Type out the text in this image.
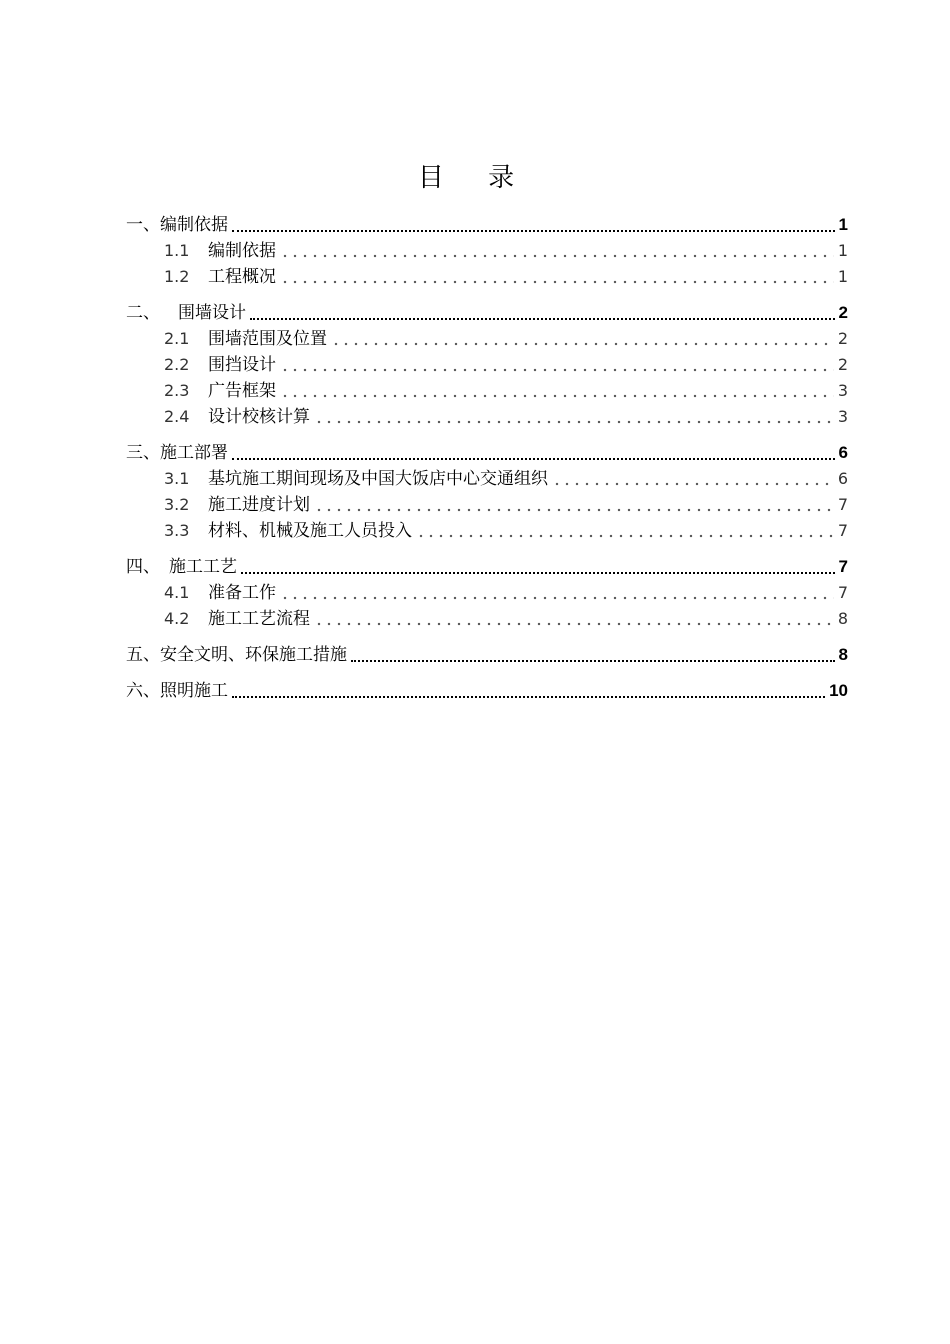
目 录
一、 编制依据	1
1.1	编制依据	1
1.2	工程概况	1
二、 围墙设计	2
2.1	围墙范围及位置	2
2.2	围挡设计	2
2.3	广告框架	3
2.4	设计校核计算	3
三、 施工部署	6
3.1	基坑施工期间现场及中国大饭店中心交通组织	6
3.2	施工进度计划	7
3.3	材料、机械及施工人员投入	7
四、 施工工艺	7
4.1	准备工作	7
4.2	施工工艺流程	8
五、 安全文明、环保施工措施	8
六、 照明施工	10
